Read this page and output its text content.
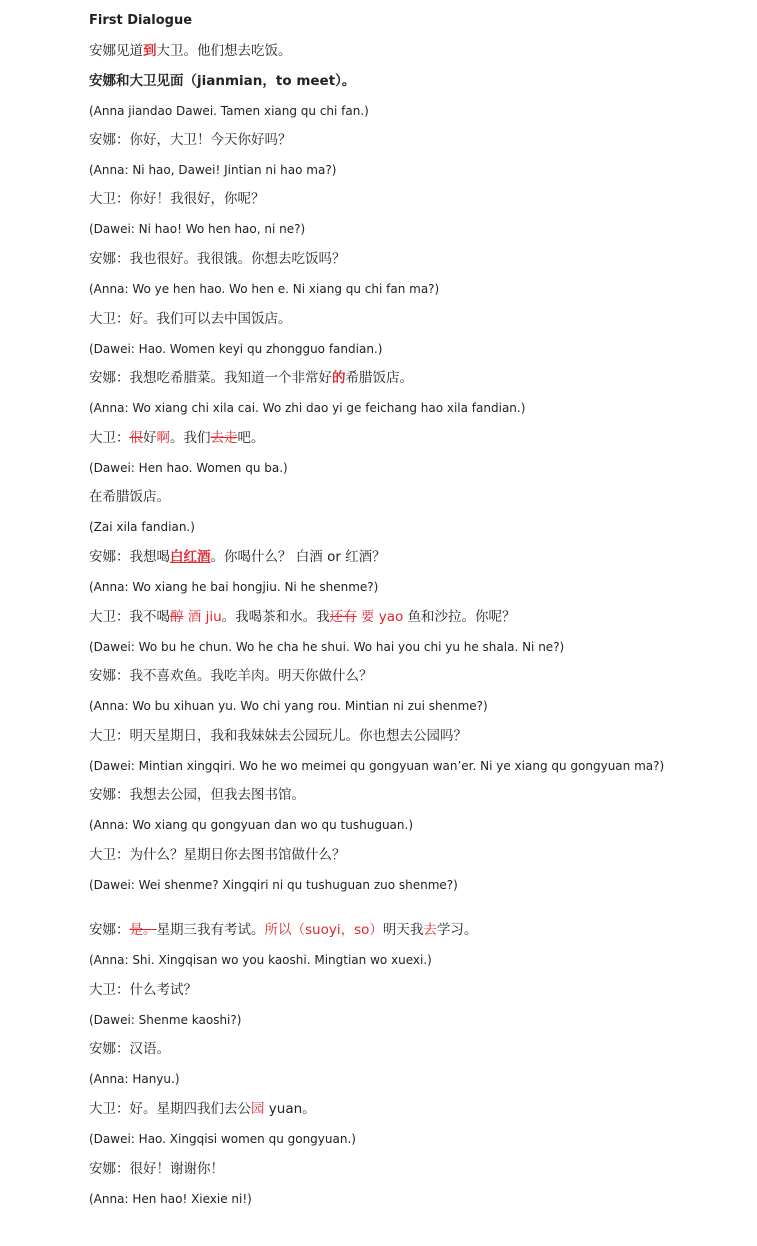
First Dialogue
安娜见道到大卫。他们想去吃饭。
安娜和大卫见面（jianmian，to meet）。
(Anna jiandao Dawei. Tamen xiang qu chi fan.)
安娜：你好，大卫！今天你好吗？
(Anna: Ni hao, Dawei! Jintian ni hao ma?)
大卫：你好！我很好，你呢？
(Dawei: Ni hao! Wo hen hao, ni ne?)
安娜：我也很好。我很饿。你想去吃饭吗？
(Anna: Wo ye hen hao. Wo hen e. Ni xiang qu chi fan ma?)
大卫：好。我们可以去中国饭店。
(Dawei: Hao. Women keyi qu zhongguo fandian.)
安娜：我想吃希腊菜。我知道一个非常好的希腊饭店。
(Anna: Wo xiang chi xila cai. Wo zhi dao yi ge feichang hao xila fandian.)
大卫：很好啊。我们去走吧。
(Dawei: Hen hao. Women qu ba.)
在希腊饭店。
(Zai xila fandian.)
安娜：我想喝白红酒。你喝什么？ 白酒 or 红酒？
(Anna: Wo xiang he bai hongjiu. Ni he shenme?)
大卫：我不喝醇 酒 jiu。我喝茶和水。我还有 要 yao 鱼和沙拉。你呢？
(Dawei: Wo bu he chun. Wo he cha he shui. Wo hai you chi yu he shala. Ni ne?)
安娜：我不喜欢鱼。我吃羊肉。明天你做什么？
(Anna: Wo bu xihuan yu. Wo chi yang rou. Mintian ni zui shenme?)
大卫：明天星期日，我和我妹妹去公园玩儿。你也想去公园吗？
(Dawei: Mintian xingqiri. Wo he wo meimei qu gongyuan wan’er. Ni ye xiang qu gongyuan ma?)
安娜：我想去公园，但我去图书馆。
(Anna: Wo xiang qu gongyuan dan wo qu tushuguan.)
大卫：为什么？星期日你去图书馆做什么？
(Dawei: Wei shenme? Xingqiri ni qu tushuguan zuo shenme?)
安娜：是。星期三我有考试。所以（suoyi，so）明天我去学习。
(Anna: Shi. Xingqisan wo you kaoshi. Mingtian wo xuexi.)
大卫：什么考试？
(Dawei: Shenme kaoshi?)
安娜：汉语。
(Anna: Hanyu.)
大卫：好。星期四我们去公园 yuan。
(Dawei: Hao. Xingqisi women qu gongyuan.)
安娜：很好！谢谢你！
(Anna: Hen hao! Xiexie ni!)
